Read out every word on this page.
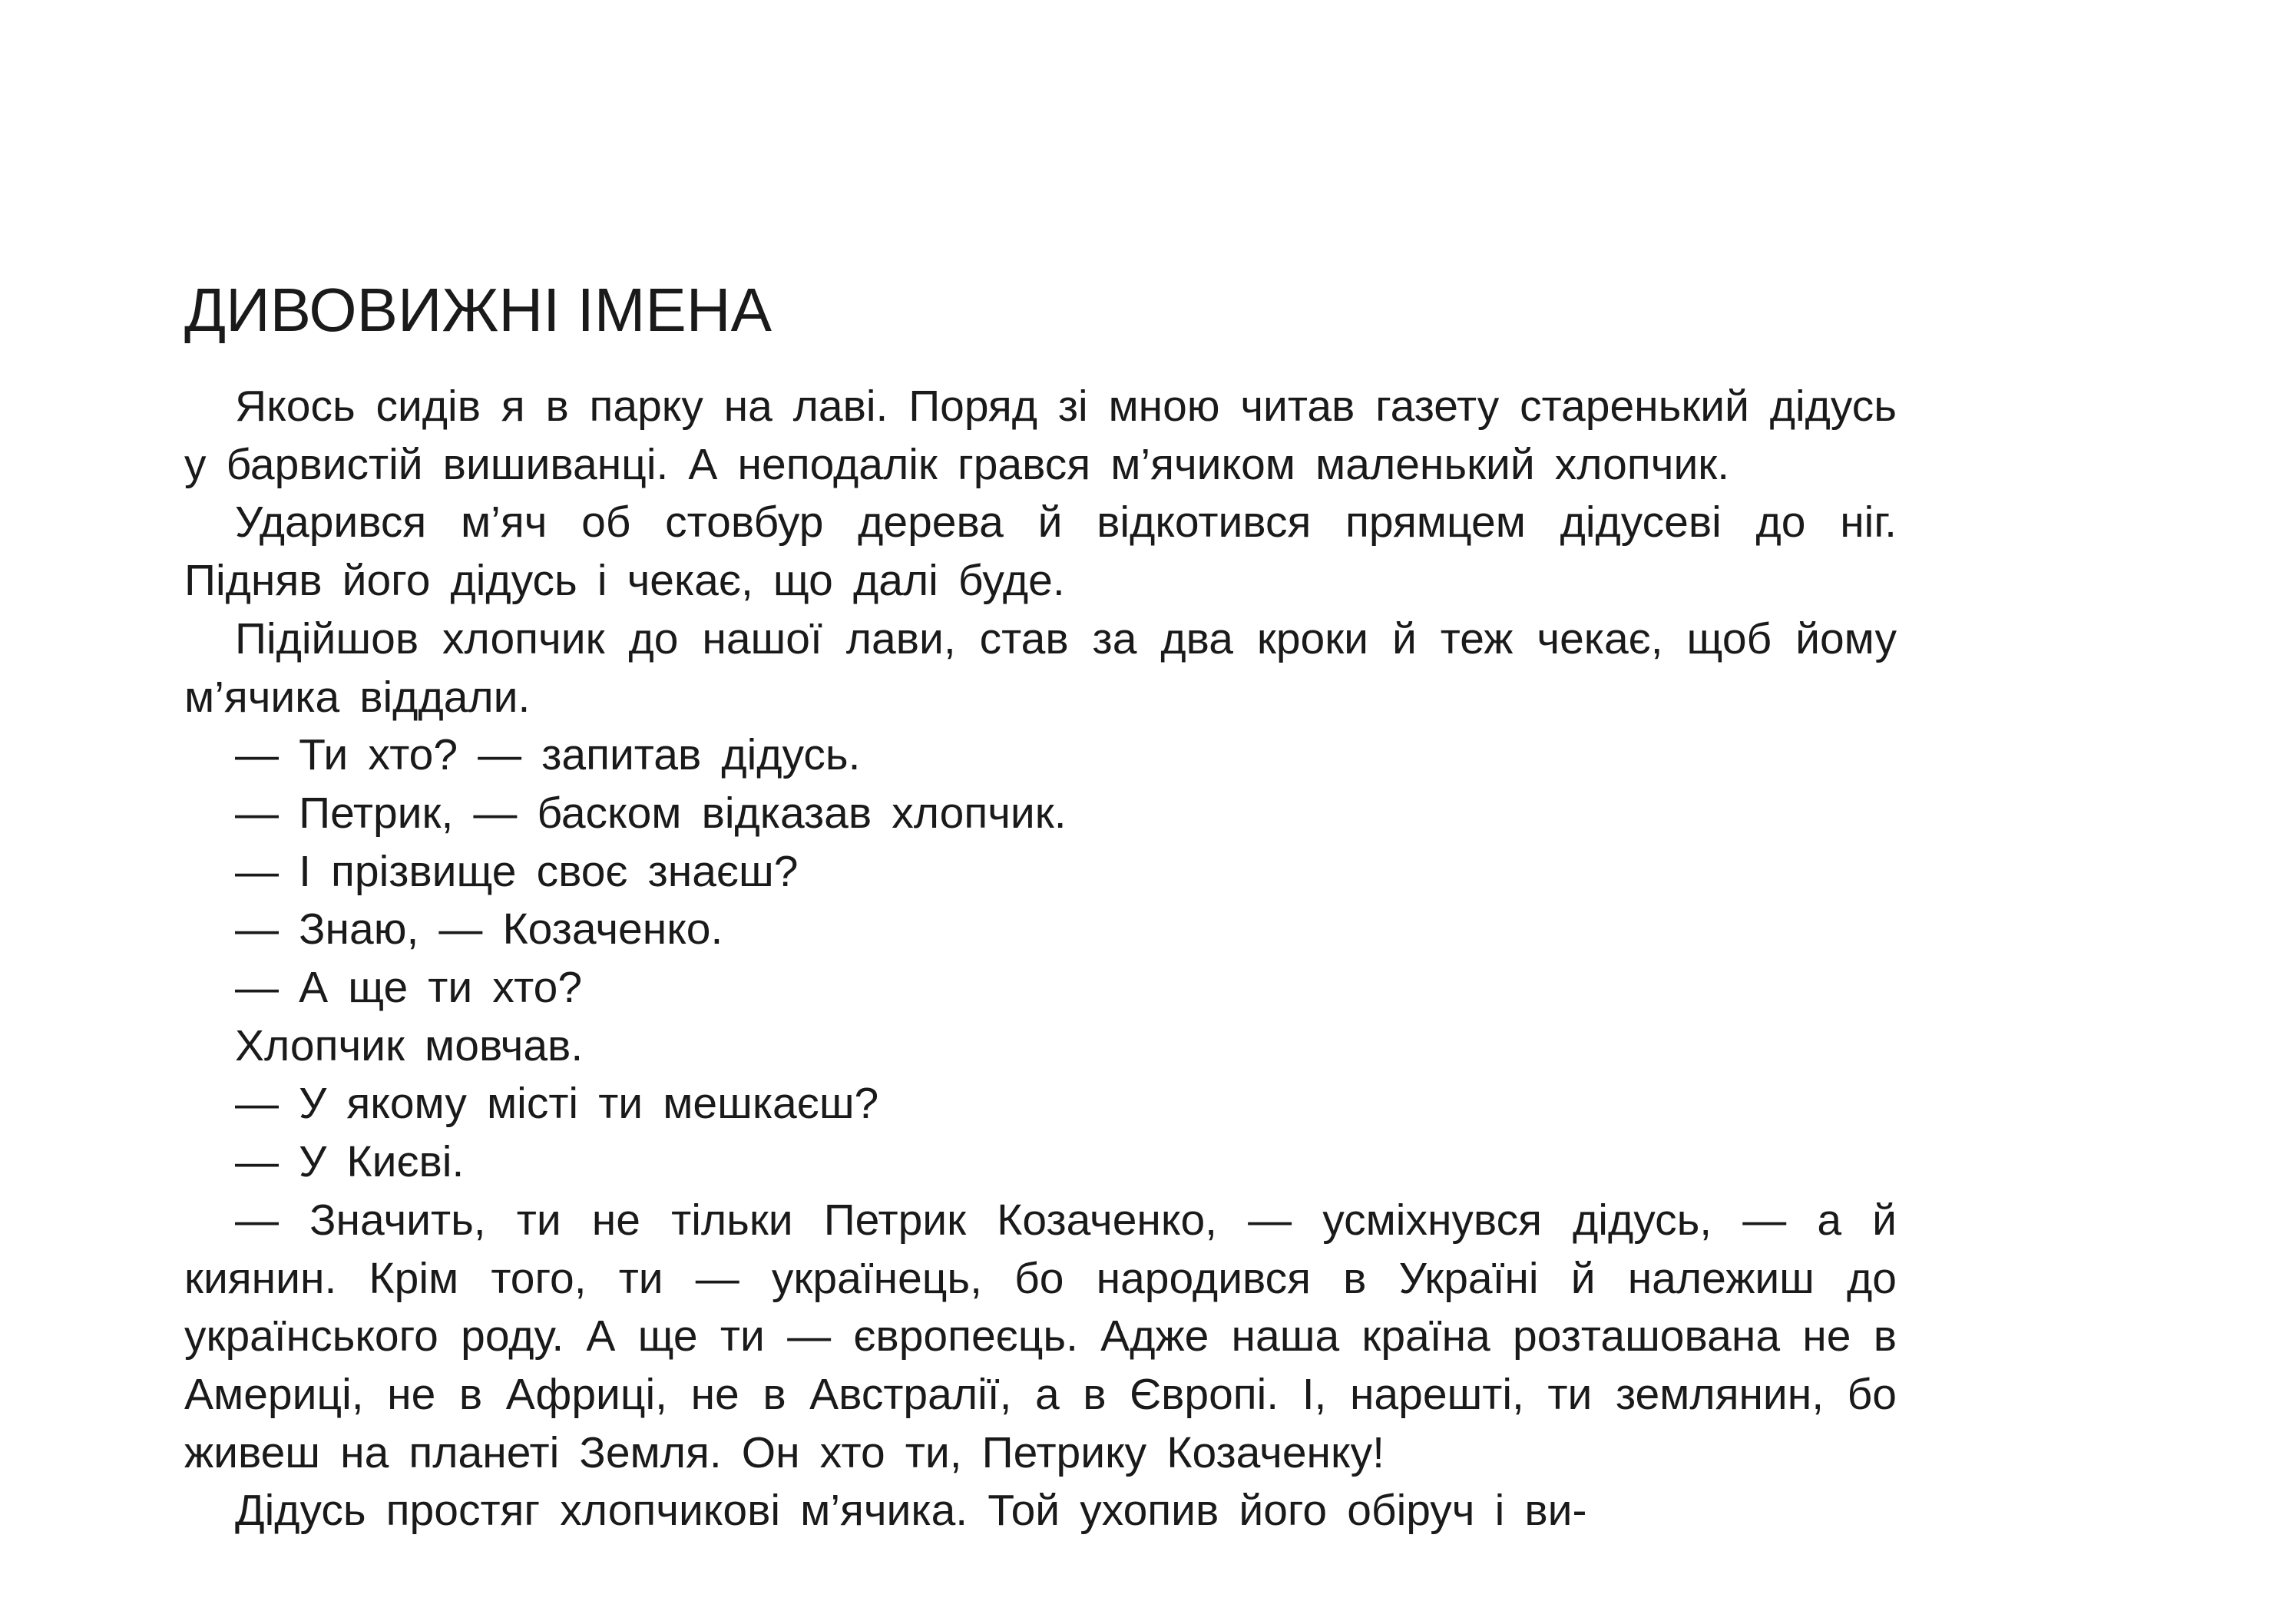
ДИВОВИЖНІ ІМЕНА

Якось сидів я в парку на лаві. Поряд зі мною читав газету старенький дідусь у барвистій вишиванці. А неподалік грався м’ячиком маленький хлопчик.

Ударився м’яч об стовбур дерева й відкотився прямцем дідусеві до ніг. Підняв його дідусь і чекає, що далі буде.

Підійшов хлопчик до нашої лави, став за два кроки й теж чекає, щоб йому м’ячика віддали.

— Ти хто? — запитав дідусь.

— Петрик, — баском відказав хлопчик.

— І прізвище своє знаєш?

— Знаю, — Козаченко.

— А ще ти хто?

Хлопчик мовчав.

— У якому місті ти мешкаєш?

— У Києві.

— Значить, ти не тільки Петрик Козаченко, — усміхнувся дідусь, — а й киянин. Крім того, ти — українець, бо народився в Україні й належиш до українського роду. А ще ти — європеєць. Адже наша країна розташована не в Америці, не в Африці, не в Австралії, а в Європі. І, нарешті, ти землянин, бо живеш на планеті Земля. Он хто ти, Петрику Козаченку!

Дідусь простяг хлопчикові м’ячика. Той ухопив його обіруч і ви-
